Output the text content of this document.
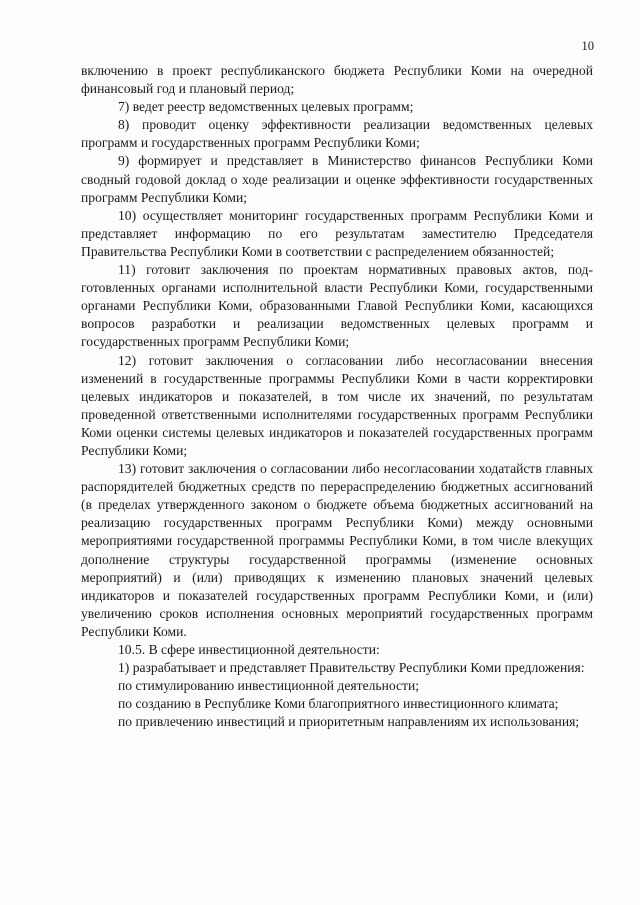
10

включению в проект республиканского бюджета Республики Коми на очередной финансовый год и плановый период;

7) ведет реестр ведомственных целевых программ;

8) проводит оценку эффективности реализации ведомственных целевых программ и государственных программ Республики Коми;

9) формирует и представляет в Министерство финансов Республики Коми сводный годовой доклад о ходе реализации и оценке эффективности государственных программ Республики Коми;

10) осуществляет мониторинг государственных программ Республики Коми и представляет информацию по его результатам заместителю Председателя Правительства Республики Коми в соответствии с распределением обязанностей;

11) готовит заключения по проектам нормативных правовых актов, подготовленных органами исполнительной власти Республики Коми, государственными органами Республики Коми, образованными Главой Республики Коми, касающихся вопросов разработки и реализации ведомственных целевых программ и государственных программ Республики Коми;

12) готовит заключения о согласовании либо несогласовании внесения изменений в государственные программы Республики Коми в части корректировки целевых индикаторов и показателей, в том числе их значений, по результатам проведенной ответственными исполнителями государственных программ Республики Коми оценки системы целевых индикаторов и показателей государственных программ Республики Коми;

13) готовит заключения о согласовании либо несогласовании ходатайств главных распорядителей бюджетных средств по перераспределению бюджетных ассигнований (в пределах утвержденного законом о бюджете объема бюджетных ассигнований на реализацию государственных программ Республики Коми) между основными мероприятиями государственной программы Республики Коми, в том числе влекущих дополнение структуры государственной программы (изменение основных мероприятий) и (или) приводящих к изменению плановых значений целевых индикаторов и показателей государственных программ Республики Коми, и (или) увеличению сроков исполнения основных мероприятий государственных программ Республики Коми.

10.5. В сфере инвестиционной деятельности:

1) разрабатывает и представляет Правительству Республики Коми предложения:

по стимулированию инвестиционной деятельности;

по созданию в Республике Коми благоприятного инвестиционного климата;

по привлечению инвестиций и приоритетным направлениям их использования;
